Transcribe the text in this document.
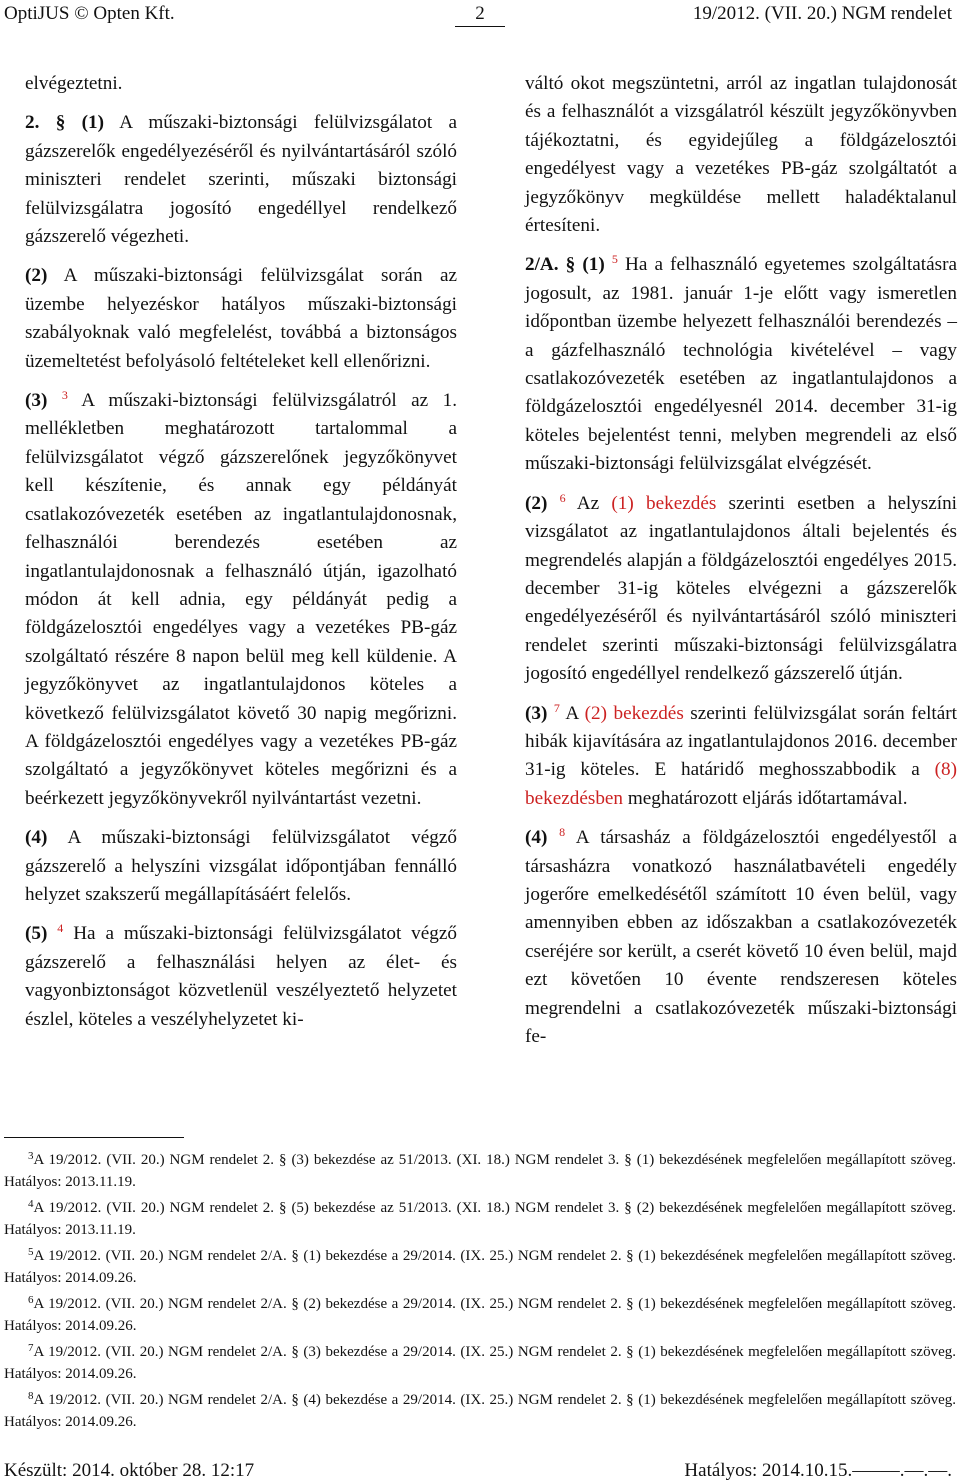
OptiJUS © Opten Kft.	2	19/2012. (VII. 20.) NGM rendelet

elvégeztetni.

2. § (1) A műszaki-biztonsági felülvizsgálatot a gázszerelők engedélyezéséről és nyilvántartásáról szóló miniszteri rendelet szerinti, műszaki biztonsági felülvizsgálatra jogosító engedéllyel rendelkező gázszerelő végezheti.

(2) A műszaki-biztonsági felülvizsgálat során az üzembe helyezéskor hatályos műszaki-biztonsági szabályoknak való megfelelést, továbbá a biztonságos üzemeltetést befolyásoló feltételeket kell ellenőrizni.

(3) $^3$ A műszaki-biztonsági felülvizsgálatról az 1. mellékletben meghatározott tartalommal a felülvizsgálatot végző gázszerelőnek jegyzőkönyvet kell készítenie, és annak egy példányát csatlakozóvezeték esetében az ingatlantulajdonosnak, felhasználói berendezés esetében az ingatlantulajdonosnak a felhasználó útján, igazolható módon át kell adnia, egy példányát pedig a földgázelosztói engedélyes vagy a vezetékes PB-gáz szolgáltató részére 8 napon belül meg kell küldenie. A jegyzőkönyvet az ingatlantulajdonos köteles a következő felülvizsgálatot követő 30 napig megőrizni. A földgázelosztói engedélyes vagy a vezetékes PB-gáz szolgáltató a jegyzőkönyvet köteles megőrizni és a beérkezett jegyzőkönyvekről nyilvántartást vezetni.

(4) A műszaki-biztonsági felülvizsgálatot végző gázszerelő a helyszíni vizsgálat időpontjában fennálló helyzet szakszerű megállapításáért felelős.

(5) $^4$ Ha a műszaki-biztonsági felülvizsgálatot végző gázszerelő a felhasználási helyen az élet- és vagyonbiztonságot közvetlenül veszélyeztető helyzetet észlel, köteles a veszélyhelyzetet ki-

váltó okot megszüntetni, arról az ingatlan tulajdonosát és a felhasználót a vizsgálatról készült jegyzőkönyvben tájékoztatni, és egyidejűleg a földgázelosztói engedélyest vagy a vezetékes PB-gáz szolgáltatót a jegyzőkönyv megküldése mellett haladéktalanul értesíteni.

2/A. § (1) $^5$ Ha a felhasználó egyetemes szolgáltatásra jogosult, az 1981. január 1-je előtt vagy ismeretlen időpontban üzembe helyezett felhasználói berendezés – a gázfelhasználó technológia kivételével – vagy csatlakozóvezeték esetében az ingatlantulajdonos a földgázelosztói engedélyesnél 2014. december 31-ig köteles bejelentést tenni, melyben megrendeli az első műszaki-biztonsági felülvizsgálat elvégzését.

(2) $^6$ Az (1) bekezdés szerinti esetben a helyszíni vizsgálatot az ingatlantulajdonos általi bejelentés és megrendelés alapján a földgázelosztói engedélyes 2015. december 31-ig köteles elvégezni a gázszerelők engedélyezéséről és nyilvántartásáról szóló miniszteri rendelet szerinti műszaki-biztonsági felülvizsgálatra jogosító engedéllyel rendelkező gázszerelő útján.

(3) $^7$ A (2) bekezdés szerinti felülvizsgálat során feltárt hibák kijavítására az ingatlantulajdonos 2016. december 31-ig köteles. E határidő meghosszabbodik a (8) bekezdésben meghatározott eljárás időtartamával.

(4) $^8$ A társasház a földgázelosztói engedélyestől a társasházra vonatkozó használatbavételi engedély jogerőre emelkedésétől számított 10 éven belül, vagy amennyiben ebben az időszakban a csatlakozóvezeték cseréjére sor került, a cserét követő 10 éven belül, majd ezt követően 10 évente rendszeresen köteles megrendelni a csatlakozóvezeték műszaki-biztonsági fe-

$^3$A 19/2012. (VII. 20.) NGM rendelet 2. § (3) bekezdése az 51/2013. (XI. 18.) NGM rendelet 3. § (1) bekezdésének megfelelően megállapított szöveg. Hatályos: 2013.11.19.

$^4$A 19/2012. (VII. 20.) NGM rendelet 2. § (5) bekezdése az 51/2013. (XI. 18.) NGM rendelet 3. § (2) bekezdésének megfelelően megállapított szöveg. Hatályos: 2013.11.19.

$^5$A 19/2012. (VII. 20.) NGM rendelet 2/A. § (1) bekezdése a 29/2014. (IX. 25.) NGM rendelet 2. § (1) bekezdésének megfelelően megállapított szöveg. Hatályos: 2014.09.26.

$^6$A 19/2012. (VII. 20.) NGM rendelet 2/A. § (2) bekezdése a 29/2014. (IX. 25.) NGM rendelet 2. § (1) bekezdésének megfelelően megállapított szöveg. Hatályos: 2014.09.26.

$^7$A 19/2012. (VII. 20.) NGM rendelet 2/A. § (3) bekezdése a 29/2014. (IX. 25.) NGM rendelet 2. § (1) bekezdésének megfelelően megállapított szöveg. Hatályos: 2014.09.26.

$^8$A 19/2012. (VII. 20.) NGM rendelet 2/A. § (4) bekezdése a 29/2014. (IX. 25.) NGM rendelet 2. § (1) bekezdésének megfelelően megállapított szöveg. Hatályos: 2014.09.26.

Készült: 2014. október 28. 12:17	Hatályos: 2014.10.15.–––––.––.––.
